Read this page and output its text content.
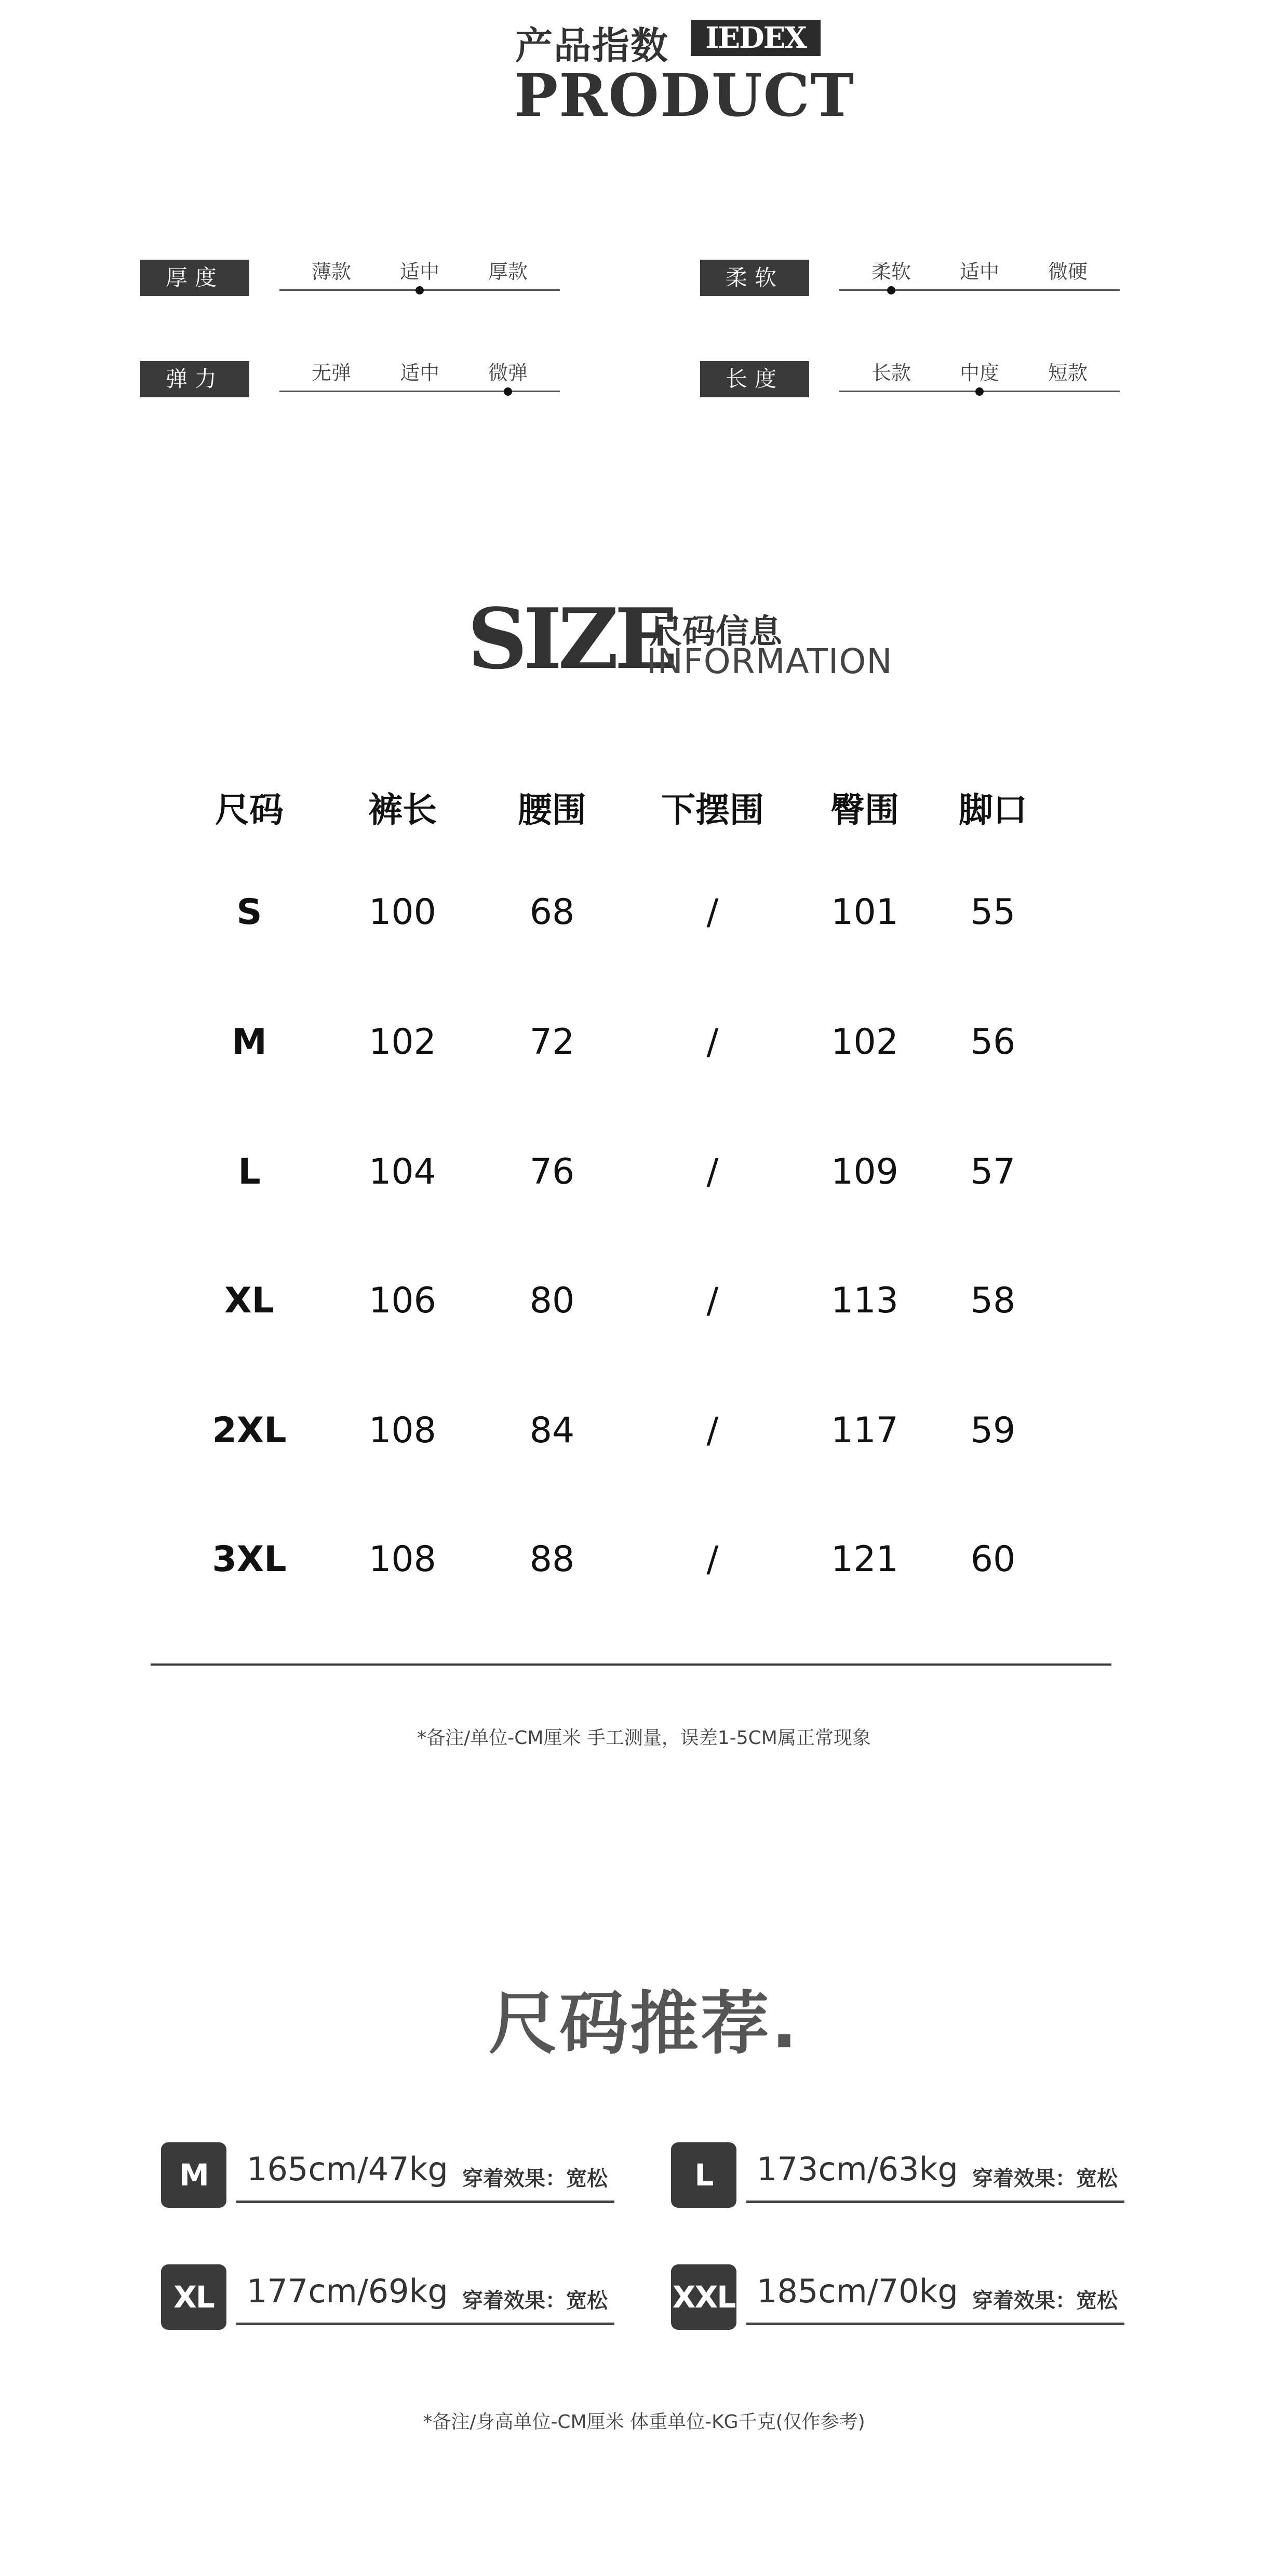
产品指数	IEDEX
PRODUCT
厚度	薄款	适中	厚款	柔软	柔软	适中	微硬
弹力	无弹	适中	微弹	长度	长款	中度	短款
SIZE
尺码信息
INFORMATION
尺码	裤长	腰围	下摆围	臀围	脚口
S	100	68	/	101	55
M	102	72	/	102	56
L	104	76	/	109	57
XL	106	80	/	113	58
2XL	108	84	/	117	59
3XL	108	88	/	121	60
*备注/单位-CM厘米 手工测量，误差1-5CM属正常现象
尺码推荐.
M	165cm/47kg 穿着效果：宽松	L	173cm/63kg 穿着效果：宽松
XL	177cm/69kg 穿着效果：宽松 XXL 185cm/70kg 穿着效果：宽松
*备注/身高单位-CM厘米 体重单位-KG千克(仅作参考)
